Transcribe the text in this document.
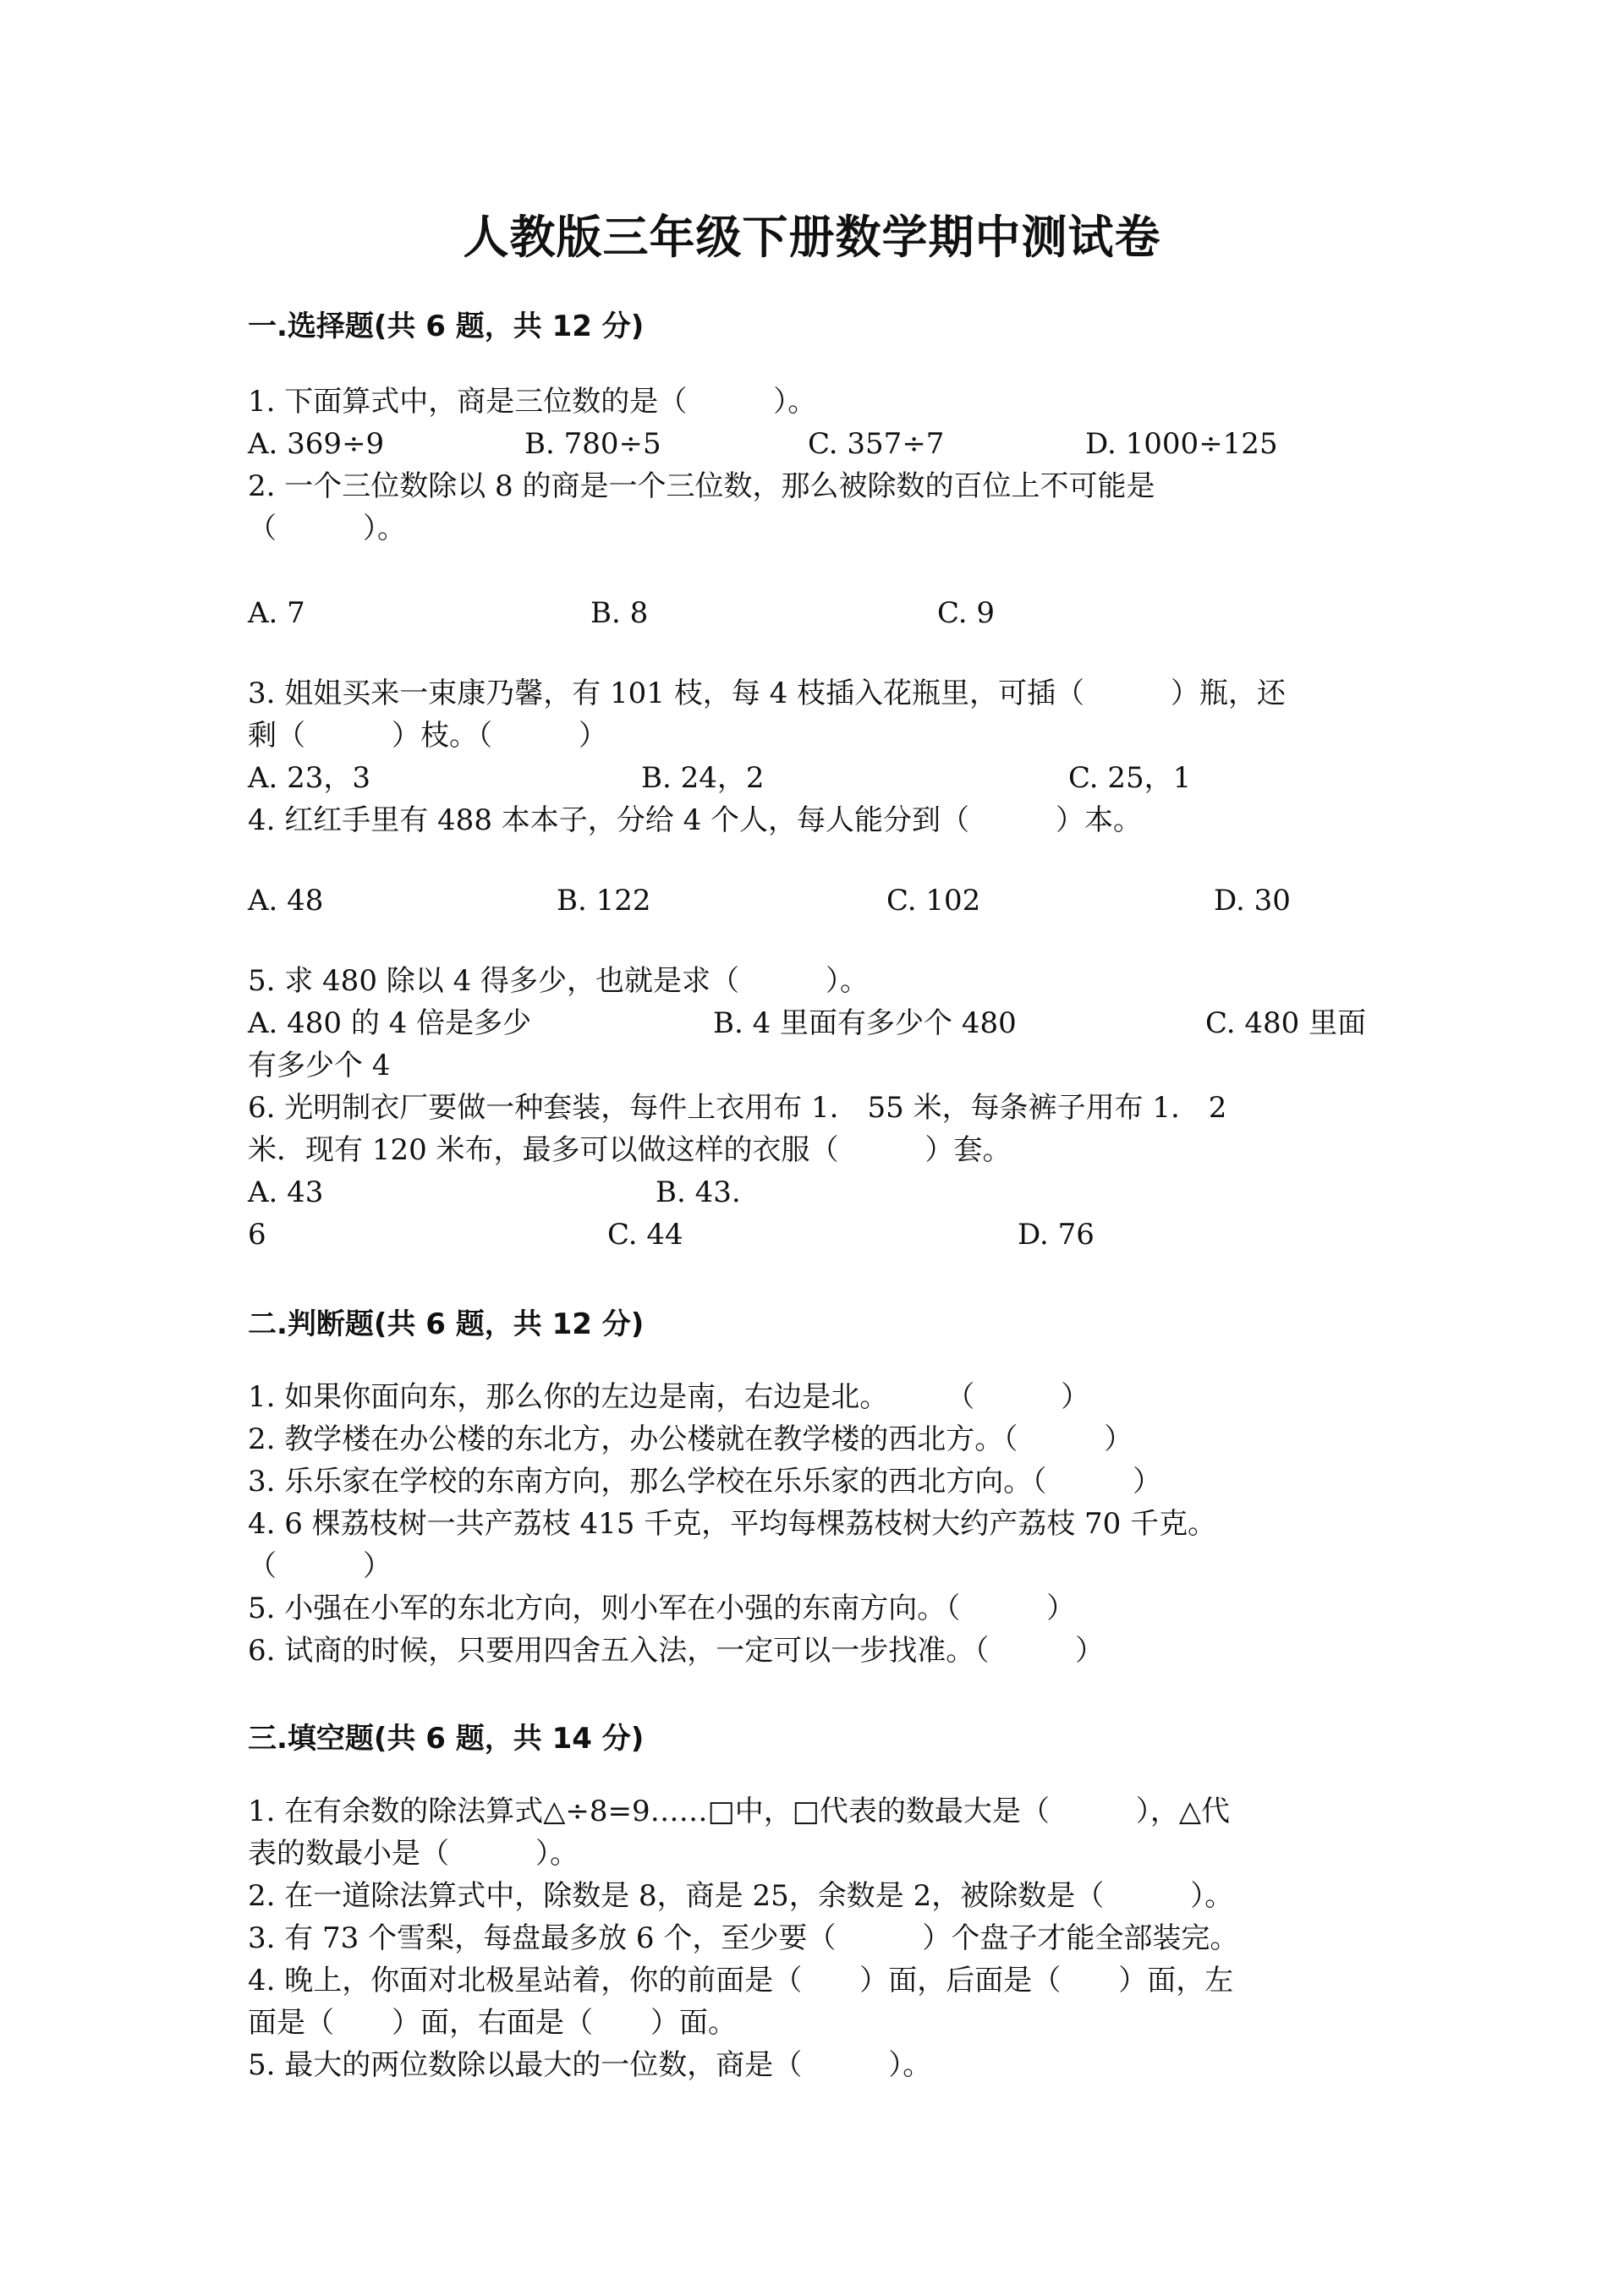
人教版三年级下册数学期中测试卷
一.选择题(共 6 题，共 12 分)
1. 下面算式中，商是三位数的是（　　　）。
A. 369÷9	B. 780÷5	C. 357÷7	D. 1000÷125
2. 一个三位数除以 8 的商是一个三位数，那么被除数的百位上不可能是
（　　　）。
A. 7	B. 8	C. 9
3. 姐姐买来一束康乃馨，有 101 枝，每 4 枝插入花瓶里，可插（　　　）瓶，还
剩（　　　）枝。（　　　）
A. 23，3	B. 24，2	C. 25，1
4. 红红手里有 488 本本子，分给 4 个人，每人能分到（　　　）本。
A. 48	B. 122	C. 102	D. 30
5. 求 480 除以 4 得多少，也就是求（　　　）。
A. 480 的 4 倍是多少	B. 4 里面有多少个 480	C. 480 里面
有多少个 4
6. 光明制衣厂要做一种套装，每件上衣用布 1.　55 米，每条裤子用布 1.　2
米．现有 120 米布，最多可以做这样的衣服（　　　）套。
A. 43	B. 43.
6	C. 44	D. 76
二.判断题(共 6 题，共 12 分)
1. 如果你面向东，那么你的左边是南，右边是北。　　　（　　　）
2. 教学楼在办公楼的东北方，办公楼就在教学楼的西北方。（　　　）
3. 乐乐家在学校的东南方向，那么学校在乐乐家的西北方向。（　　　）
4. 6 棵荔枝树一共产荔枝 415 千克，平均每棵荔枝树大约产荔枝 70 千克。
（　　　）
5. 小强在小军的东北方向，则小军在小强的东南方向。（　　　）
6. 试商的时候，只要用四舍五入法，一定可以一步找准。（　　　）
三.填空题(共 6 题，共 14 分)
1. 在有余数的除法算式△÷8=9……□中，□代表的数最大是（　　　），△代
表的数最小是（　　　）。
2. 在一道除法算式中，除数是 8，商是 25，余数是 2，被除数是（　　　）。
3. 有 73 个雪梨，每盘最多放 6 个，至少要（　　　）个盘子才能全部装完。
4. 晚上，你面对北极星站着，你的前面是（　　）面，后面是（　　）面，左
面是（　　）面，右面是（　　）面。
5. 最大的两位数除以最大的一位数，商是（　　　）。
